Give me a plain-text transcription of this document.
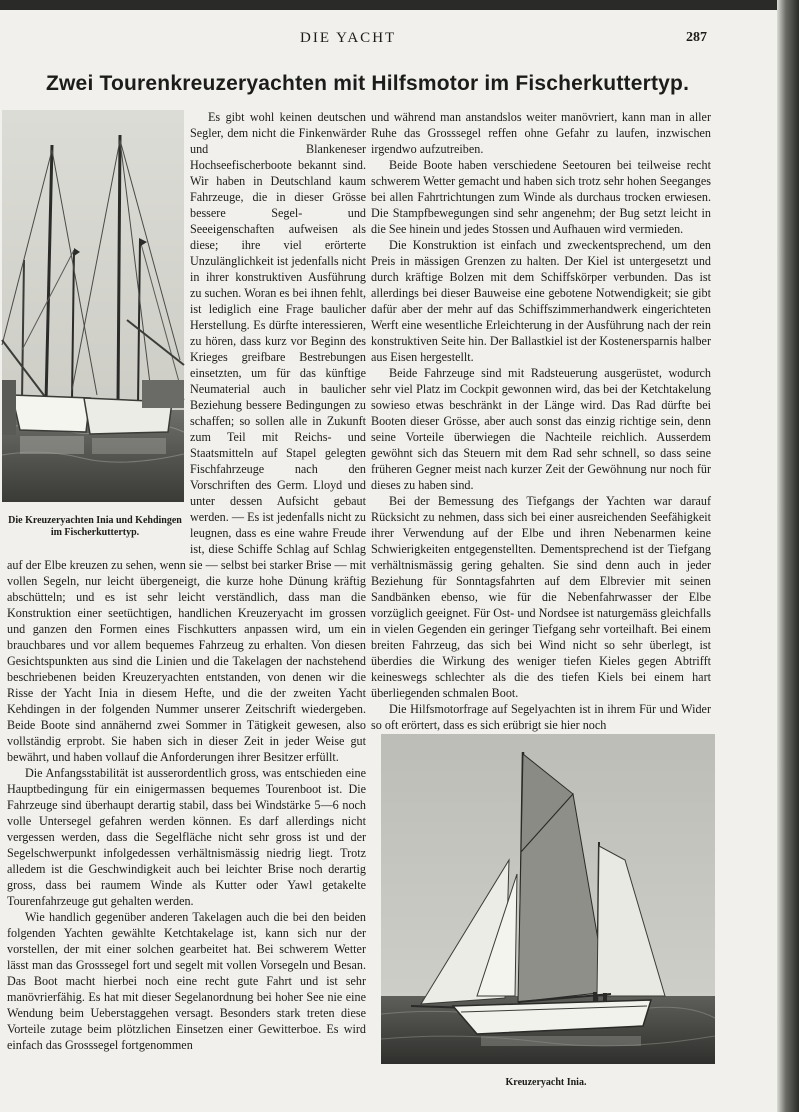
DIE YACHT	287
Zwei Tourenkreuzeryachten mit Hilfsmotor im Fischerkuttertyp.
Die Kreuzeryachten Inia und Kehdingen
im Fischerkuttertyp.

Es gibt wohl keinen deutschen Segler, dem nicht die Finkenwärder und Blankeneser Hochseefischerboote bekannt sind. Wir haben in Deutschland kaum Fahrzeuge, die in dieser Grösse bessere Segel- und Seeeigenschaften aufweisen als diese; ihre viel erörterte Unzulänglichkeit ist jedenfalls nicht in ihrer konstruktiven Ausführung zu suchen. Woran es bei ihnen fehlt, ist lediglich eine Frage baulicher Herstellung. Es dürfte interessieren, zu hören, dass kurz vor Beginn des Krieges greifbare Bestrebungen einsetzten, um für das künftige Neumaterial auch in baulicher Beziehung bessere Bedingungen zu schaffen; so sollen alle in Zukunft zum Teil mit Reichs- und Staatsmitteln auf Stapel gelegten Fischfahrzeuge nach den Vorschriften des Germ. Lloyd und unter dessen Aufsicht gebaut werden. — Es ist jedenfalls nicht zu leugnen, dass es eine wahre Freude ist, diese Schiffe Schlag auf Schlag auf der Elbe kreuzen zu sehen, wenn sie — selbst bei starker Brise — mit vollen Segeln, nur leicht übergeneigt, die kurze hohe Dünung kräftig abschütteln; und es ist sehr leicht verständlich, dass man die Konstruktion einer seetüchtigen, handlichen Kreuzeryacht im grossen und ganzen den Formen eines Fischkutters anpassen wird, um ein brauchbares und vor allem bequemes Fahrzeug zu erhalten. Von diesen Gesichtspunkten aus sind die Linien und die Takelagen der nachstehend beschriebenen beiden Kreuzeryachten entstanden, von denen wir die Risse der Yacht Inia in diesem Hefte, und die der zweiten Yacht Kehdingen in der folgenden Nummer unserer Zeitschrift wiedergeben. Beide Boote sind annähernd zwei Sommer in Tätigkeit gewesen, also vollständig erprobt. Sie haben sich in dieser Zeit in jeder Weise gut bewährt, und haben vollauf die Anforderungen ihrer Besitzer erfüllt.

Die Anfangsstabilität ist ausserordentlich gross, was entschieden eine Hauptbedingung für ein einigermassen bequemes Tourenboot ist. Die Fahrzeuge sind überhaupt derartig stabil, dass bei Windstärke 5—6 noch volle Untersegel gefahren werden können. Es darf allerdings nicht vergessen werden, dass die Segelfläche nicht sehr gross ist und der Segelschwerpunkt infolgedessen verhältnismässig niedrig liegt. Trotz alledem ist die Geschwindigkeit auch bei leichter Brise noch derartig gross, dass bei raumem Winde als Kutter oder Yawl getakelte Tourenfahrzeuge gut gehalten werden.

Wie handlich gegenüber anderen Takelagen auch die bei den beiden folgenden Yachten gewählte Ketchtakelage ist, kann sich nur der vorstellen, der mit einer solchen gearbeitet hat. Bei schwerem Wetter lässt man das Grosssegel fort und segelt mit vollen Vorsegeln und Besan. Das Boot macht hierbei noch eine recht gute Fahrt und ist sehr manövrierfähig. Es hat mit dieser Segelanordnung bei hoher See nie eine Wendung beim Ueberstaggehen versagt. Besonders stark treten diese Vorteile zutage beim plötzlichen Einsetzen einer Gewitterboe. Es wird einfach das Grosssegel fortgenommen

und während man anstandslos weiter manövriert, kann man in aller Ruhe das Grosssegel reffen ohne Gefahr zu laufen, inzwischen irgendwo aufzutreiben.

Beide Boote haben verschiedene Seetouren bei teilweise recht schwerem Wetter gemacht und haben sich trotz sehr hohen Seeganges bei allen Fahrtrichtungen zum Winde als durchaus trocken erwiesen. Die Stampfbewegungen sind sehr angenehm; der Bug setzt leicht in die See hinein und jedes Stossen und Aufhauen wird vermieden.

Die Konstruktion ist einfach und zweckentsprechend, um den Preis in mässigen Grenzen zu halten. Der Kiel ist untergesetzt und durch kräftige Bolzen mit dem Schiffskörper verbunden. Das ist allerdings bei dieser Bauweise eine gebotene Notwendigkeit; sie gibt dafür aber der mehr auf das Schiffszimmerhandwerk eingerichteten Werft eine wesentliche Erleichterung in der Ausführung nach der rein konstruktiven Seite hin. Der Ballastkiel ist der Kostenersparnis halber aus Eisen hergestellt.

Beide Fahrzeuge sind mit Radsteuerung ausgerüstet, wodurch sehr viel Platz im Cockpit gewonnen wird, das bei der Ketchtakelung sowieso etwas beschränkt in der Länge wird. Das Rad dürfte bei Booten dieser Grösse, aber auch sonst das einzig richtige sein, denn seine Vorteile überwiegen die Nachteile reichlich. Ausserdem gewöhnt sich das Steuern mit dem Rad sehr schnell, so dass seine früheren Gegner meist nach kurzer Zeit der Gewöhnung nur noch für dieses zu haben sind.

Bei der Bemessung des Tiefgangs der Yachten war darauf Rücksicht zu nehmen, dass sich bei einer ausreichenden Seefähigkeit ihrer Verwendung auf der Elbe und ihren Nebenarmen keine Schwierigkeiten entgegenstellten. Dementsprechend ist der Tiefgang verhältnismässig gering gehalten. Sie sind denn auch in jeder Beziehung für Sonntagsfahrten auf dem Elbrevier mit seinen Sandbänken ebenso, wie für die Nebenfahrwasser der Elbe vorzüglich geeignet. Für Ost- und Nordsee ist naturgemäss gleichfalls in vielen Gegenden ein geringer Tiefgang sehr vorteilhaft. Bei einem breiten Fahrzeug, das sich bei Wind nicht so sehr überlegt, ist überdies die Wirkung des weniger tiefen Kieles gegen Abtrifft keineswegs schlechter als die des tiefen Kiels bei einem hart überliegenden schmalen Boot.

Die Hilfsmotorfrage auf Segelyachten ist in ihrem Für und Wider so oft erörtert, dass es sich erübrigt sie hier noch

Kreuzeryacht Inia.
